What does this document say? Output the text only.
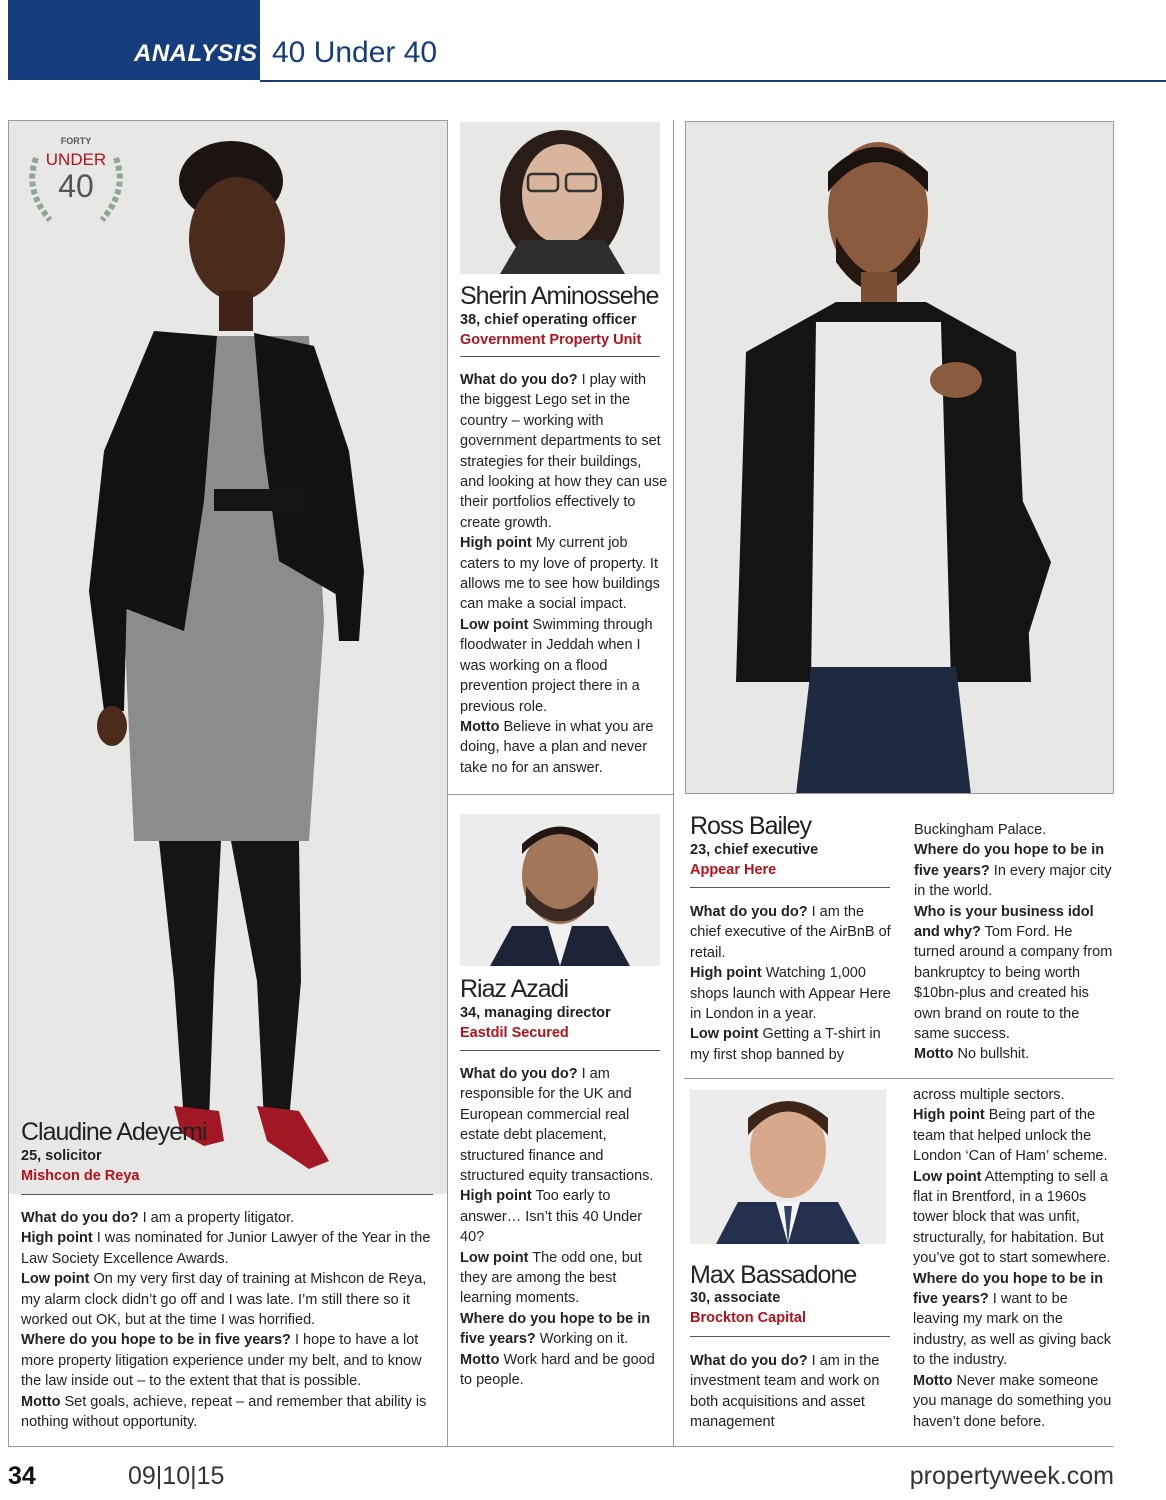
ANALYSIS 40 Under 40
FORTY
UNDER
40
Claudine Adeyemi
25, solicitor
Mishcon de Reya

What do you do? I am a property litigator.

High point I was nominated for Junior Lawyer of the Year in the Law Society Excellence Awards.

Low point On my very first day of training at Mishcon de Reya, my alarm clock didn’t go off and I was late. I’m still there so it worked out OK, but at the time I was horrified.

Where do you hope to be in five years? I hope to have a lot more property litigation experience under my belt, and to know the law inside out – to the extent that that is possible.

Motto Set goals, achieve, repeat – and remember that ability is nothing without opportunity.

Sherin Aminossehe
38, chief operating officer
Government Property Unit

What do you do? I play with the biggest Lego set in the country – working with government departments to set strategies for their buildings, and looking at how they can use their portfolios effectively to create growth.

High point My current job caters to my love of property. It allows me to see how buildings can make a social impact.

Low point Swimming through floodwater in Jeddah when I was working on a flood prevention project there in a previous role.

Motto Believe in what you are doing, have a plan and never take no for an answer.

Riaz Azadi
34, managing director
Eastdil Secured

What do you do? I am responsible for the UK and European commercial real estate debt placement, structured finance and structured equity transactions.

High point Too early to answer… Isn’t this 40 Under 40?

Low point The odd one, but they are among the best learning moments.

Where do you hope to be in five years? Working on it.

Motto Work hard and be good to people.

Ross Bailey
23, chief executive
Appear Here

What do you do? I am the chief executive of the AirBnB of retail.

High point Watching 1,000 shops launch with Appear Here in London in a year.

Low point Getting a T-shirt in my first shop banned by

Buckingham Palace.

Where do you hope to be in five years? In every major city in the world.

Who is your business idol and why? Tom Ford. He turned around a company from bankruptcy to being worth $10bn-plus and created his own brand on route to the same success.

Motto No bullshit.

Max Bassadone
30, associate
Brockton Capital

What do you do? I am in the investment team and work on both acquisitions and asset management

across multiple sectors.

High point Being part of the team that helped unlock the London ‘Can of Ham’ scheme.

Low point Attempting to sell a flat in Brentford, in a 1960s tower block that was unfit, structurally, for habitation. But you’ve got to start somewhere.

Where do you hope to be in five years? I want to be leaving my mark on the industry, as well as giving back to the industry.

Motto Never make someone you manage do something you haven’t done before.

34	09|10|15	propertyweek.com
